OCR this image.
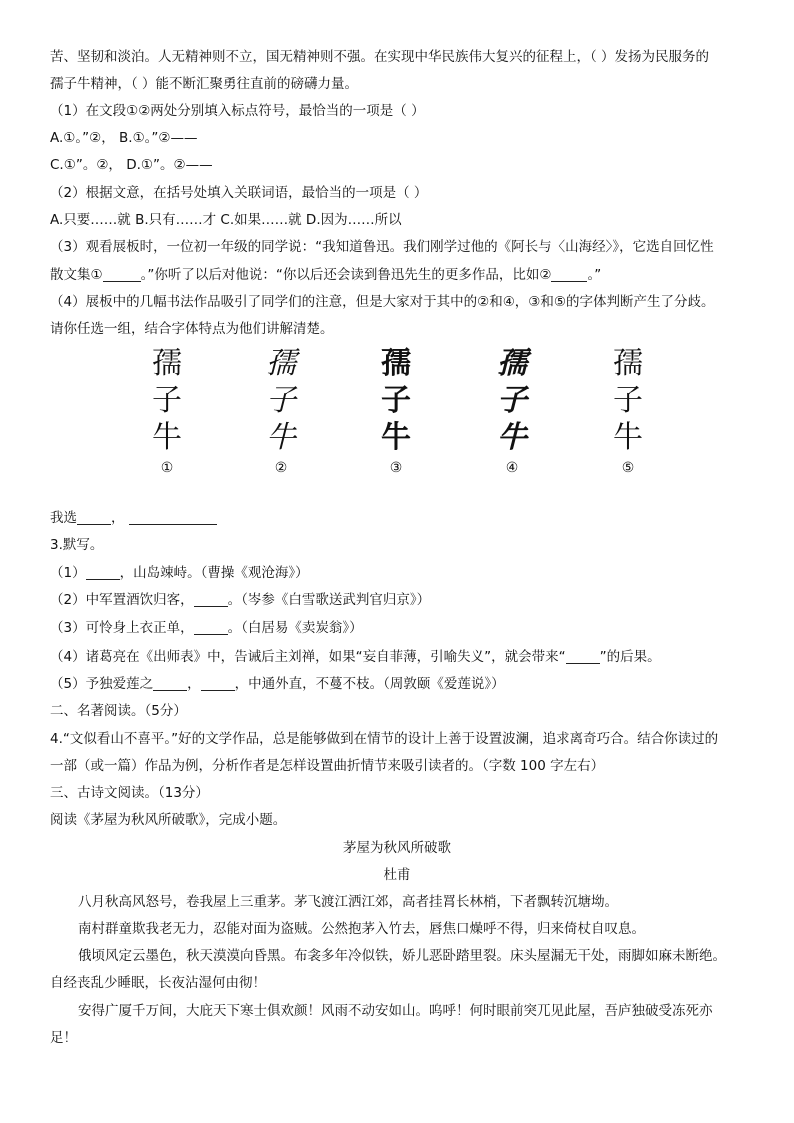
苦、坚韧和淡泊。人无精神则不立，国无精神则不强。在实现中华民族伟大复兴的征程上，（ ）发扬为民服务的
孺子牛精神，（ ）能不断汇聚勇往直前的磅礴力量。
（1）在文段①②两处分别填入标点符号，最恰当的一项是（ ）
A.①。”②， B.①。”②——
C.①”。②， D.①”。②——
（2）根据文意，在括号处填入关联词语，最恰当的一项是（ ）
A.只要……就 B.只有……才 C.如果……就 D.因为……所以
（3）观看展板时，一位初一年级的同学说：“我知道鲁迅。我们刚学过他的《阿长与〈山海经〉》，它选自回忆性
散文集①	。”你听了以后对他说：“你以后还会读到鲁迅先生的更多作品，比如②	。”
（4）展板中的几幅书法作品吸引了同学们的注意，但是大家对于其中的②和④，③和⑤的字体判断产生了分歧。
请你任选一组，结合字体特点为他们讲解清楚。
孺
子
牛
①
孺
子
牛
②
孺
子
牛
③
孺
子
牛
④
孺
子
牛
⑤
我选	，
3.默写。
（1）	，山岛竦峙。（曹操《观沧海》）
（2）中军置酒饮归客，	。（岑参《白雪歌送武判官归京》）
（3）可怜身上衣正单，	。（白居易《卖炭翁》）
（4）诸葛亮在《出师表》中，告诫后主刘禅，如果“妄自菲薄，引喻失义”，就会带来“	”的后果。
（5）予独爱莲之	，	，中通外直，不蔓不枝。（周敦颐《爱莲说》）
二、名著阅读。（5分）
4.“文似看山不喜平。”好的文学作品，总是能够做到在情节的设计上善于设置波澜，追求离奇巧合。结合你读过的
一部（或一篇）作品为例，分析作者是怎样设置曲折情节来吸引读者的。（字数 100 字左右）
三、古诗文阅读。（13分）
阅读《茅屋为秋风所破歌》，完成小题。
茅屋为秋风所破歌
杜甫
八月秋高风怒号，卷我屋上三重茅。茅飞渡江洒江郊，高者挂罥长林梢，下者飘转沉塘坳。
南村群童欺我老无力，忍能对面为盗贼。公然抱茅入竹去，唇焦口燥呼不得，归来倚杖自叹息。
俄顷风定云墨色，秋天漠漠向昏黑。布衾多年冷似铁，娇儿恶卧踏里裂。床头屋漏无干处，雨脚如麻未断绝。
自经丧乱少睡眠，长夜沾湿何由彻！
安得广厦千万间，大庇天下寒士俱欢颜！风雨不动安如山。呜呼！何时眼前突兀见此屋，吾庐独破受冻死亦
足！
